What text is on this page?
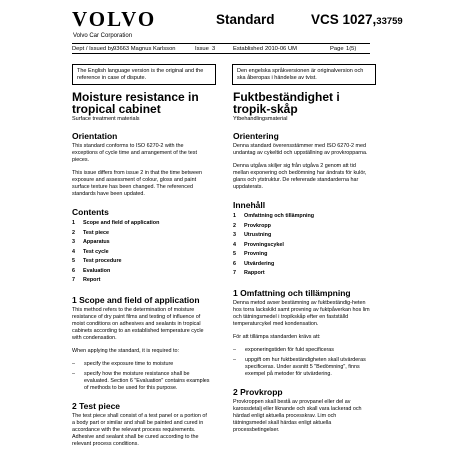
VOLVO
Volvo Car Corporation
Standard	VCS 1027,33759
Dept / Issued by 93663 Magnus Karlsson	Issue 3	Established 2010-06 UM	Page 1(5)
The English language version is the original and the reference in case of dispute.
Den engelska språkversionen är originalversion och ska åberopas i händelse av tvist.
Moisture resistance in tropical cabinet
Surface treatment materials
Orientation
This standard conforms to ISO 6270-2 with the exceptions of cycle time and arrangement of the test pieces.
This issue differs from issue 2 in that the time between exposure and assessment of colour, gloss and paint surface texture has been changed. The referenced standards have been updated.
Contents
1	Scope and field of application
2	Test piece
3	Apparatus
4	Test cycle
5	Test procedure
6	Evaluation
7	Report
1 Scope and field of application
This method refers to the determination of moisture resistance of dry paint films and testing of influence of moist conditions on adhesives and sealants in tropical cabinets according to an established temperature cycle with condensation.
When applying the standard, it is required to:
–	specify the exposure time to moisture
–	specify how the moisture resistance shall be evaluated. Section 6 "Evaluation" contains examples of methods to be used for this purpose.
2 Test piece
The test piece shall consist of a test panel or a portion of a body part or similar and shall be painted and cured in accordance with the relevant process requirements. Adhesive and sealant shall be cured according to the relevant process conditions.
Fuktbeständighet i tropik-skåp
Ytbehandlingsmaterial
Orientering
Denna standard överensstämmer med ISO 6270-2 med undantag av cykeltid och uppställning av provkropparna.
Denna utgåva skiljer sig från utgåva 2 genom att tid mellan exponering och bedömning har ändrats för kulör, glans och ytstruktur. De refererade standarderna har uppdaterats.
Innehåll
1	Omfattning och tillämpning
2	Provkropp
3	Utrustning
4	Provningscykel
5	Provning
6	Utvärdering
7	Rapport
1 Omfattning och tillämpning
Denna metod avser bestämning av fuktbeständig-heten hos torra lackskikt samt provning av fuktpåverkan hos lim och tätningsmedel i tropikskåp efter en fastställd temperaturcykel med kondensation.
För att tillämpa standarden krävs att:
–	exponeringstiden för fukt specificeras
–	uppgift om hur fuktbeständigheten skall utvärderas specificeras. Under avsnitt 5 "Bedömning", finns exempel på metoder för utvärdering.
2 Provkropp
Provkroppen skall bestå av provpanel eller del av karossdetalj eller liknande och skall vara lackerad och härdad enligt aktuella processkrav. Lim och tätningsmedel skall härdas enligt aktuella processbetingelser.
